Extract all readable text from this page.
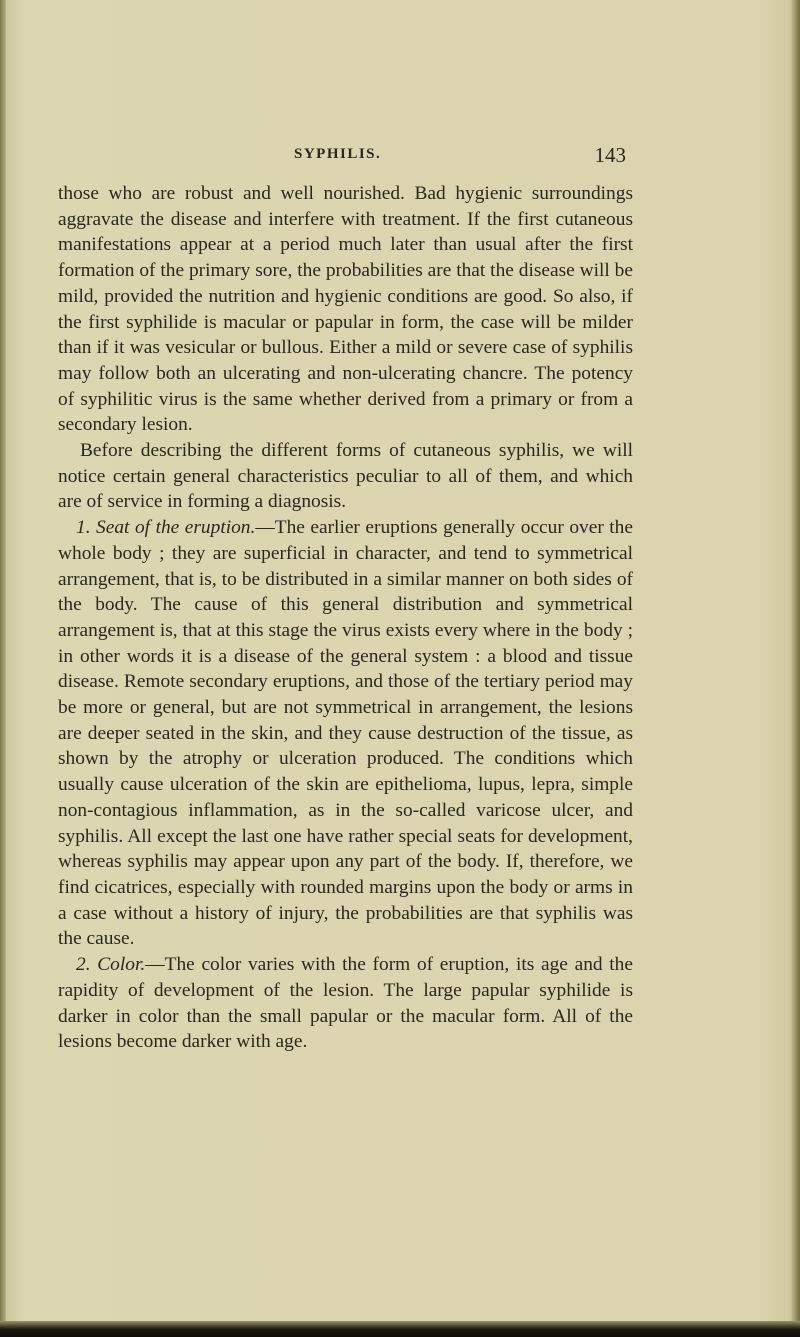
SYPHILIS.	143

those who are robust and well nourished. Bad hygienic surroundings aggravate the disease and interfere with treatment. If the first cutaneous manifestations appear at a period much later than usual after the first formation of the primary sore, the probabilities are that the disease will be mild, provided the nutrition and hygienic conditions are good. So also, if the first syphilide is macular or papular in form, the case will be milder than if it was vesicular or bullous. Either a mild or severe case of syphilis may follow both an ulcerating and non-ulcerating chancre. The potency of syphilitic virus is the same whether derived from a primary or from a secondary lesion.

Before describing the different forms of cutaneous syphilis, we will notice certain general characteristics peculiar to all of them, and which are of service in forming a diagnosis.

1. Seat of the eruption.—The earlier eruptions generally occur over the whole body ; they are superficial in character, and tend to symmetrical arrangement, that is, to be distributed in a similar manner on both sides of the body. The cause of this general distribution and symmetrical arrangement is, that at this stage the virus exists every where in the body ; in other words it is a disease of the general system : a blood and tissue disease. Remote secondary eruptions, and those of the tertiary period may be more or general, but are not symmetrical in arrangement, the lesions are deeper seated in the skin, and they cause destruction of the tissue, as shown by the atrophy or ulceration produced. The conditions which usually cause ulceration of the skin are epithelioma, lupus, lepra, simple non-contagious inflammation, as in the so-called varicose ulcer, and syphilis. All except the last one have rather special seats for development, whereas syphilis may appear upon any part of the body. If, therefore, we find cicatrices, especially with rounded margins upon the body or arms in a case without a history of injury, the probabilities are that syphilis was the cause.

2. Color.—The color varies with the form of eruption, its age and the rapidity of development of the lesion. The large papular syphilide is darker in color than the small papular or the macular form. All of the lesions become darker with age.
